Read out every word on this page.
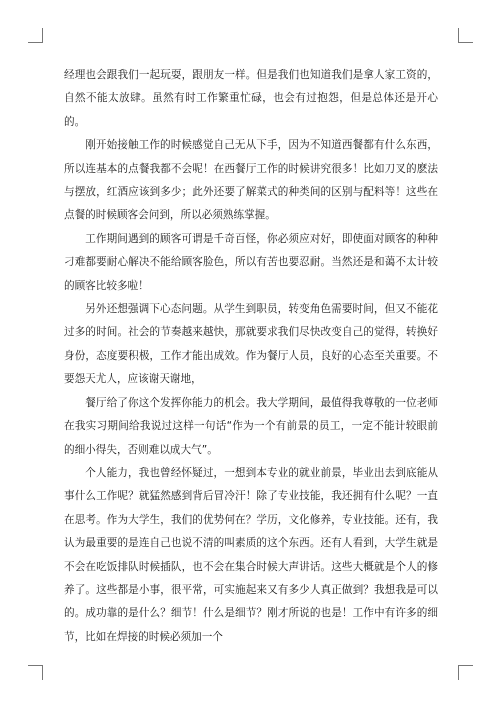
经理也会跟我们一起玩耍，跟朋友一样。但是我们也知道我们是拿人家工资的，自然不能太放肆。虽然有时工作繁重忙碌，也会有过抱怨，但是总体还是开心的。

刚开始接触工作的时候感觉自己无从下手，因为不知道西餐都有什么东西，所以连基本的点餐我都不会呢！在西餐厅工作的时候讲究很多！比如刀叉的麽法与摆放，红酒应该到多少；此外还要了解菜式的种类间的区别与配料等！这些在点餐的时候顾客会问到，所以必须熟练掌握。

工作期间遇到的顾客可谓是千奇百怪，你必须应对好，即使面对顾客的种种刁难都要耐心解决不能给顾客脸色，所以有苦也要忍耐。当然还是和蔼不太计较的顾客比较多啦！

另外还想强调下心态问题。从学生到职员，转变角色需要时间，但又不能花过多的时间。社会的节奏越来越快，那就要求我们尽快改变自己的觉得，转换好身份，态度要积极，工作才能出成效。作为餐厅人员，良好的心态至关重要。不要怨天尤人，应该谢天谢地，

餐厅给了你这个发挥你能力的机会。我大学期间，最值得我尊敬的一位老师在我实习期间给我说过这样一句话“作为一个有前景的员工，一定不能计较眼前的细小得失，否则难以成大气”。

个人能力，我也曾经怀疑过，一想到本专业的就业前景，毕业出去到底能从事什么工作呢？就猛然感到背后冒冷汗！除了专业技能，我还拥有什么呢？一直在思考。作为大学生，我们的优势何在？学历，文化修养，专业技能。还有，我认为最重要的是连自己也说不清的叫素质的这个东西。还有人看到，大学生就是不会在吃饭排队时候插队，也不会在集合时候大声讲话。这些大概就是个人的修养了。这些都是小事，很平常，可实施起来又有多少人真正做到？我想我是可以的。成功靠的是什么？细节！什么是细节？刚才所说的也是！工作中有许多的细节，比如在焊接的时候必须加一个
